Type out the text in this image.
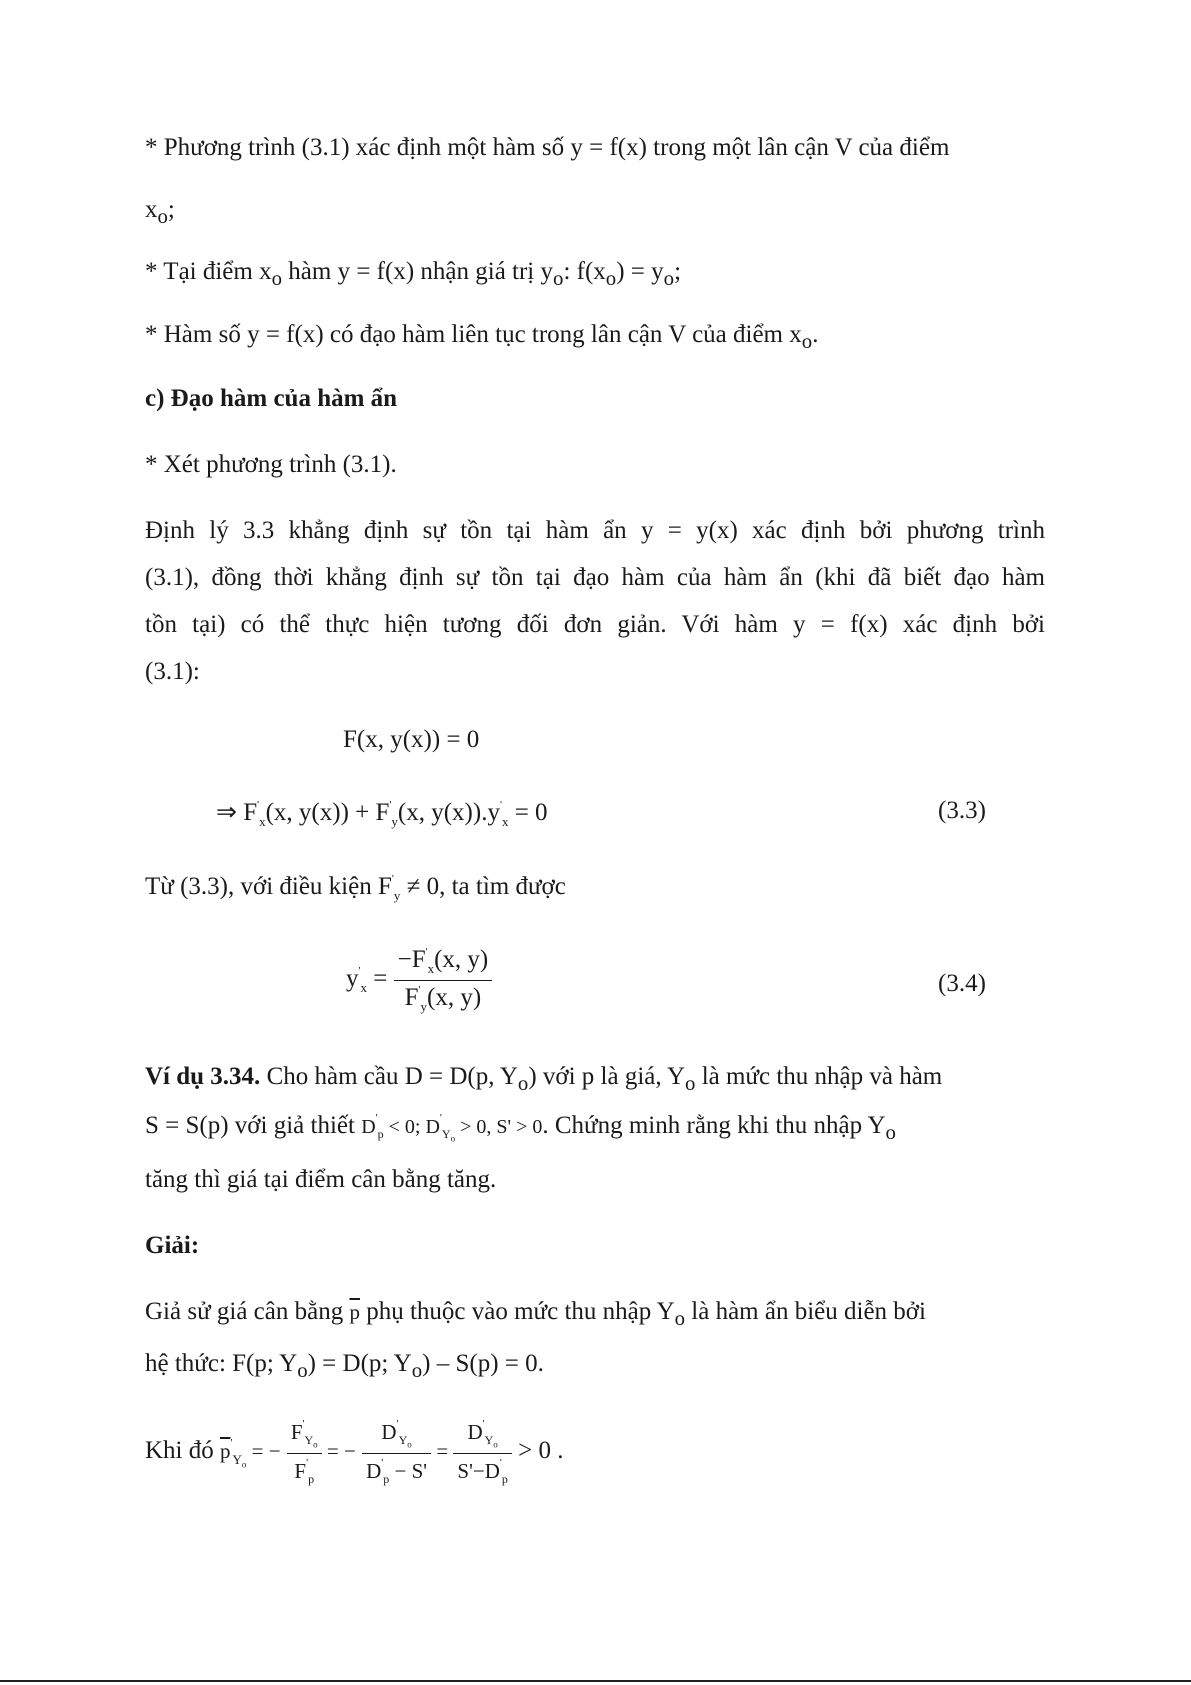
* Phương trình (3.1) xác định một hàm số y = f(x) trong một lân cận V của điểm
$x_o$;
* Tại điểm $x_o$ hàm y = f(x) nhận giá trị $y_o$: $f(x_o) = y_o$;
* Hàm số y = f(x) có đạo hàm liên tục trong lân cận V của điểm $x_o$.
c) Đạo hàm của hàm ẩn
* Xét phương trình (3.1).
Định lý 3.3 khẳng định sự tồn tại hàm ẩn y = y(x) xác định bởi phương trình
(3.1), đồng thời khẳng định sự tồn tại đạo hàm của hàm ẩn (khi đã biết đạo hàm
tồn tại) có thể thực hiện tương đối đơn giản. Với hàm y = f(x) xác định bởi
(3.1):
F(x, y(x)) = 0
⇒ $F'_x(x$, $y(x)) + F'_y(x$, $y(x)).y'_x = 0$	(3.3)
Từ (3.3), với điều kiện $F'_y \ne 0$, ta tìm được
$y'_x = \frac{-F'_x(x, y)}{F'_y(x, y)}$	(3.4)
Ví dụ 3.34. Cho hàm cầu D = D(p, $Y_o$) với p là giá, $Y_o$ là mức thu nhập và hàm
S = S(p) với giả thiết $D'_p < 0$; $D'_{Y_o} > 0$, S' > 0. Chứng minh rằng khi thu nhập $Y_o$
tăng thì giá tại điểm cân bằng tăng.
Giải:
Giả sử giá cân bằng $\overline{p}$ phụ thuộc vào mức thu nhập $Y_o$ là hàm ẩn biểu diễn bởi
hệ thức: F(p; $Y_o) = D(p$; $Y_o) - S(p) = 0$.
Khi đó $\overline{p}'_{Y_o}$ = − $\frac{F'_{Y_o}}{F'_p}$ = − $\frac{D'_{Y_o}}{D'_p - S'} = \frac{D'_{Y_o}}{S'-D'_p} > 0$ .
